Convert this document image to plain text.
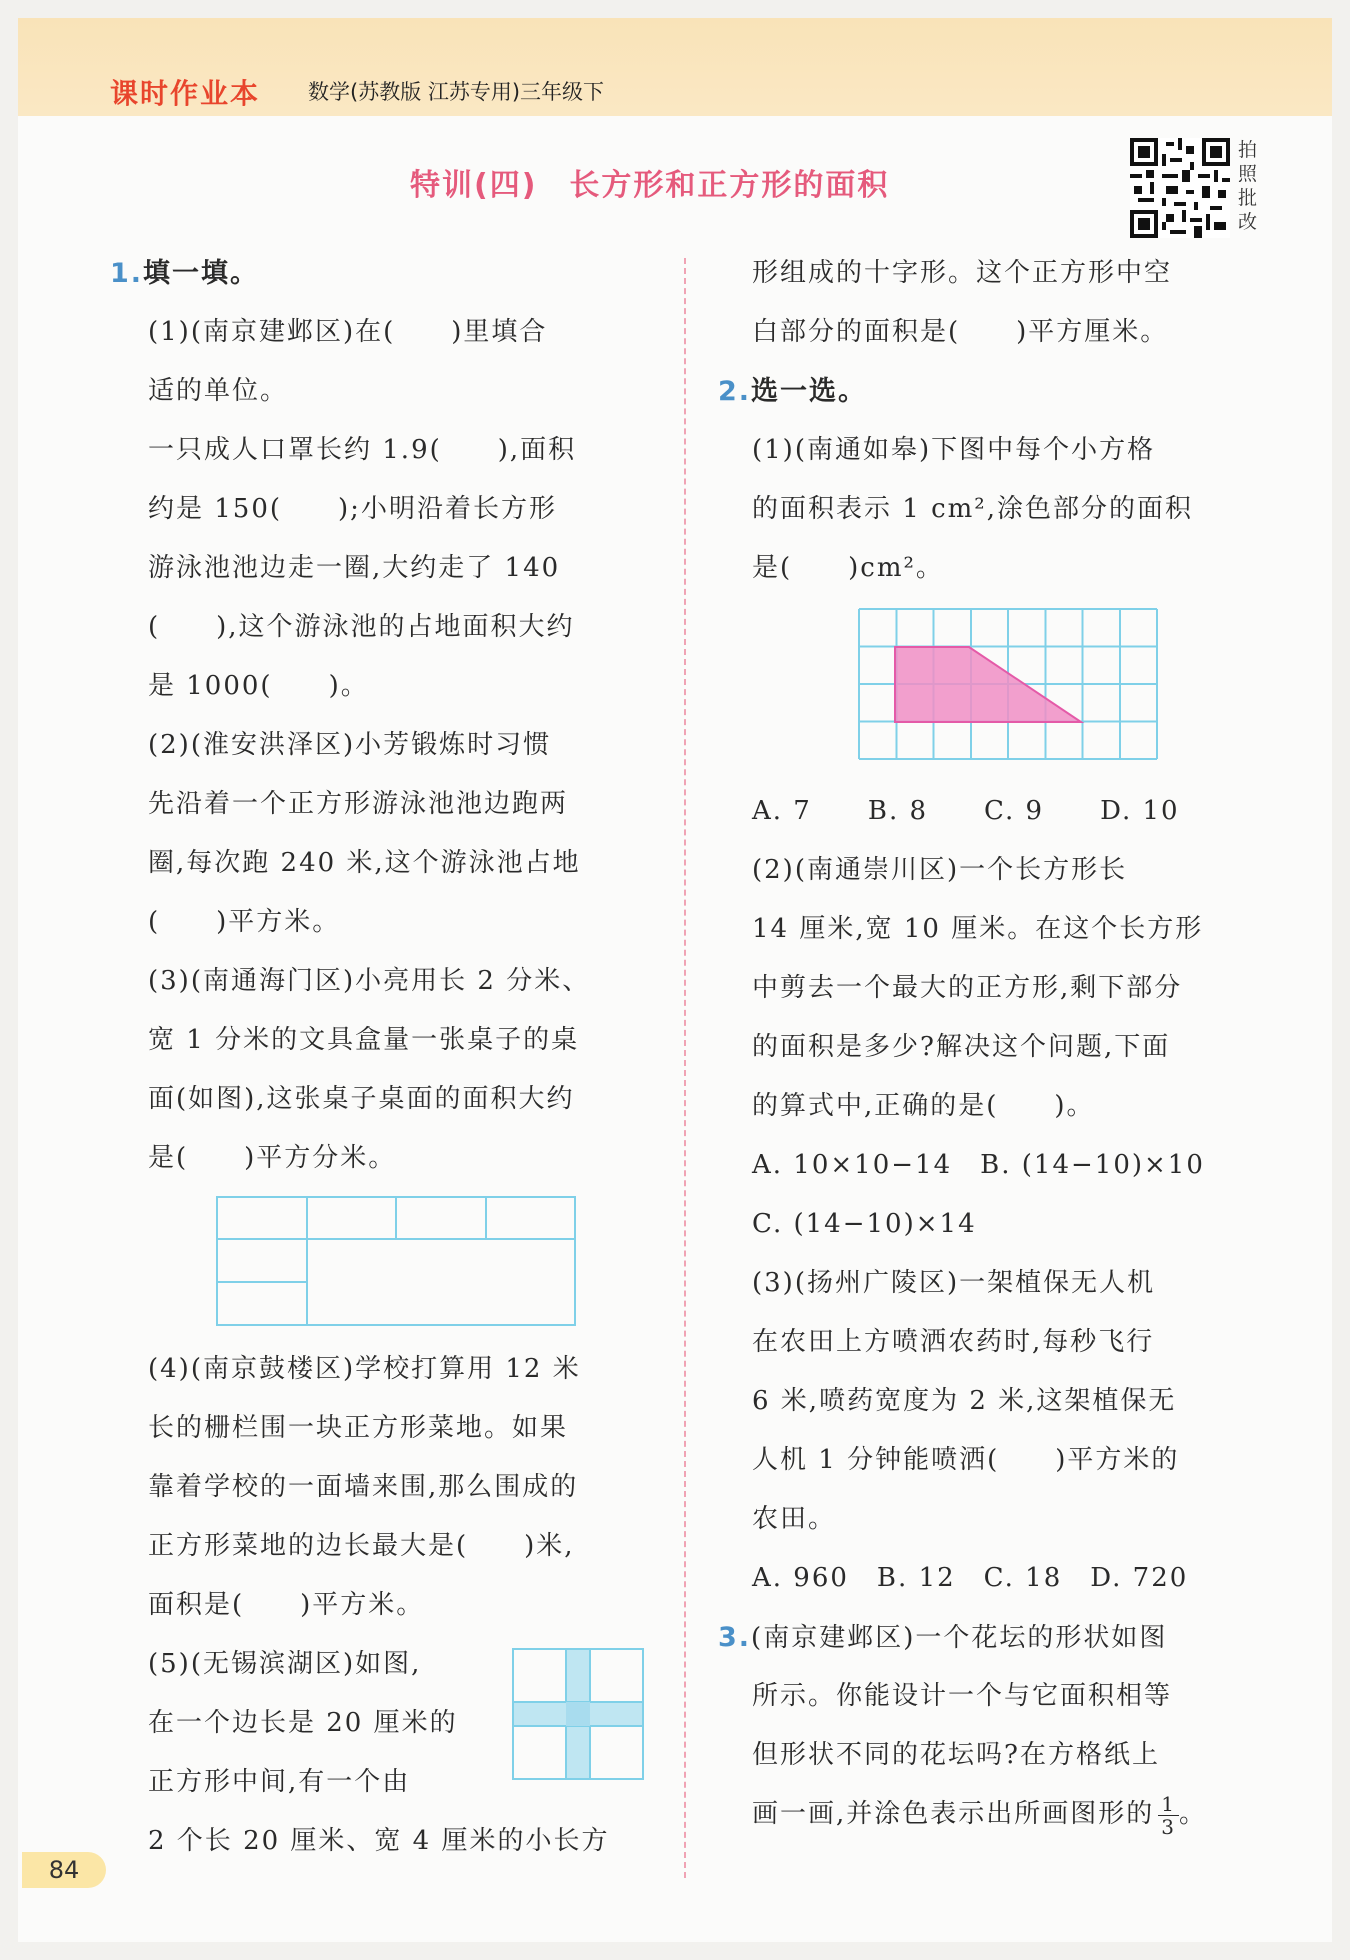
课时作业本 数学(苏教版 江苏专用)三年级下
特训(四)　长方形和正方形的面积
拍照批改
1.填一填。
(1)(南京建邺区)在(　　)里填合
适的单位。
一只成人口罩长约 1.9(　　),面积
约是 150(　　);小明沿着长方形
游泳池池边走一圈,大约走了 140
(　　),这个游泳池的占地面积大约
是 1000(　　)。
(2)(淮安洪泽区)小芳锻炼时习惯
先沿着一个正方形游泳池池边跑两
圈,每次跑 240 米,这个游泳池占地
(　　)平方米。
(3)(南通海门区)小亮用长 2 分米、
宽 1 分米的文具盒量一张桌子的桌
面(如图),这张桌子桌面的面积大约
是(　　)平方分米。
(4)(南京鼓楼区)学校打算用 12 米
长的栅栏围一块正方形菜地。如果
靠着学校的一面墙来围,那么围成的
正方形菜地的边长最大是(　　)米,
面积是(　　)平方米。
(5)(无锡滨湖区)如图,
在一个边长是 20 厘米的
正方形中间,有一个由
2 个长 20 厘米、宽 4 厘米的小长方
形组成的十字形。这个正方形中空
白部分的面积是(　　)平方厘米。
2.选一选。
(1)(南通如皋)下图中每个小方格
的面积表示 1 cm²,涂色部分的面积
是(　　)cm²。
A. 7　　B. 8　　C. 9　　D. 10
(2)(南通崇川区)一个长方形长
14 厘米,宽 10 厘米。在这个长方形
中剪去一个最大的正方形,剩下部分
的面积是多少?解决这个问题,下面
的算式中,正确的是(　　)。
A. 10×10−14　B. (14−10)×10
C. (14−10)×14
(3)(扬州广陵区)一架植保无人机
在农田上方喷洒农药时,每秒飞行
6 米,喷药宽度为 2 米,这架植保无
人机 1 分钟能喷洒(　　)平方米的
农田。
A. 960　B. 12　C. 18　D. 720
3.(南京建邺区)一个花坛的形状如图
所示。你能设计一个与它面积相等
但形状不同的花坛吗?在方格纸上
画一画,并涂色表示出所画图形的 $\frac{1}{3}$ 。
84
